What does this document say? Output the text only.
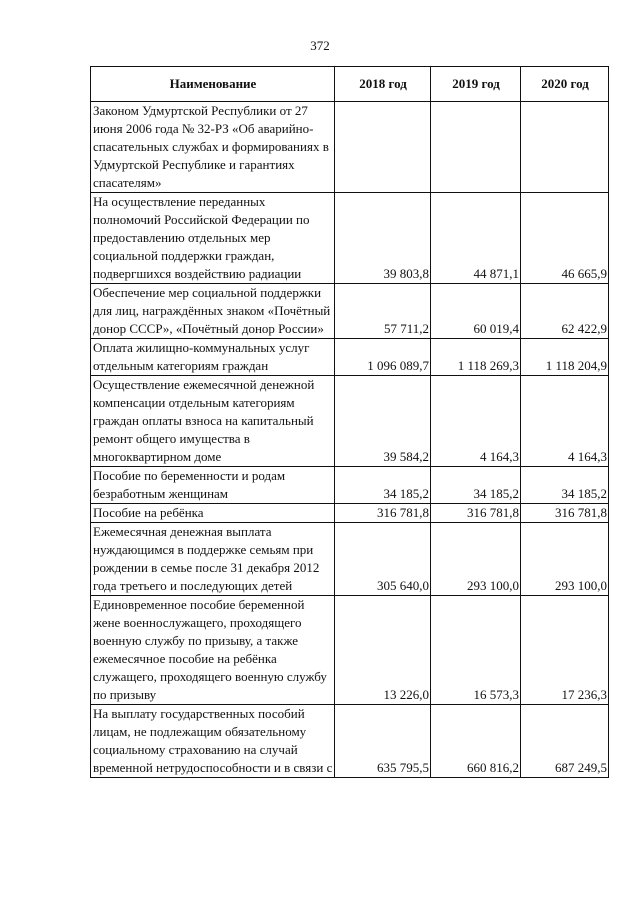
372
Наименование	2018 год	2019 год	2020 год
Законом Удмуртской Республики от 27 июня 2006 года № 32-РЗ «Об аварийно-спасательных службах и формированиях в Удмуртской Республике и гарантиях спасателям»			
На осуществление переданных полномочий Российской Федерации по предоставлению отдельных мер социальной поддержки граждан, подвергшихся воздействию радиации	39 803,8	44 871,1	46 665,9
Обеспечение мер социальной поддержки для лиц, награждённых знаком «Почётный донор СССР», «Почётный донор России»	57 711,2	60 019,4	62 422,9
Оплата жилищно-коммунальных услуг отдельным категориям граждан	1 096 089,7	1 118 269,3	1 118 204,9
Осуществление ежемесячной денежной компенсации отдельным категориям граждан оплаты взноса на капитальный ремонт общего имущества в многоквартирном доме	39 584,2	4 164,3	4 164,3
Пособие по беременности и родам безработным женщинам	34 185,2	34 185,2	34 185,2
Пособие на ребёнка	316 781,8	316 781,8	316 781,8
Ежемесячная денежная выплата нуждающимся в поддержке семьям при рождении в семье после 31 декабря 2012 года третьего и последующих детей	305 640,0	293 100,0	293 100,0
Единовременное пособие беременной жене военнослужащего, проходящего военную службу по призыву, а также ежемесячное пособие на ребёнка служащего, проходящего военную службу по призыву	13 226,0	16 573,3	17 236,3
На выплату государственных пособий лицам, не подлежащим обязательному социальному страхованию на случай временной нетрудоспособности и в связи с	635 795,5	660 816,2	687 249,5
